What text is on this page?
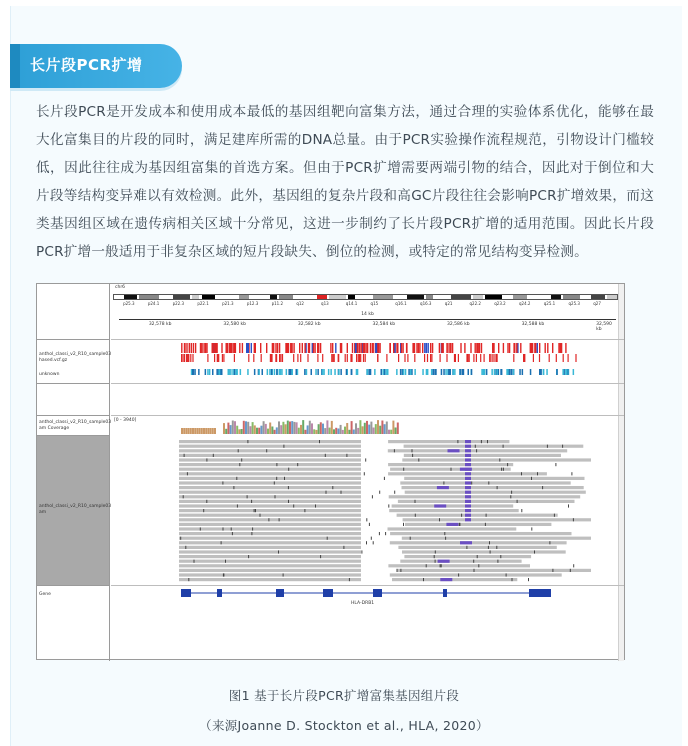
长片段PCR扩增

长片段PCR是开发成本和使用成本最低的基因组靶向富集方法，通过合理的实验体系优化，能够在最大化富集目的片段的同时，满足建库所需的DNA总量。由于PCR实验操作流程规范，引物设计门槛较低，因此往往成为基因组富集的首选方案。但由于PCR扩增需要两端引物的结合，因此对于倒位和大片段等结构变异难以有效检测。此外，基因组的复杂片段和高GC片段往往会影响PCR扩增效果，而这类基因组区域在遗传病相关区域十分常见，这进一步制约了长片段PCR扩增的适用范围。因此长片段PCR扩增一般适用于非复杂区域的短片段缺失、倒位的检测，或特定的常见结构变异检测。

chr6
p25.3	p24.1	p22.3	p22.1	p21.3	p12.3	p11.2	q12	q13	q14.1	q15	q16.1	q16.3	q21	q22.2	q23.2	q24.2	q25.1	q25.3	q27
14 kb
32,578 kb	32,580 kb	32,582 kb	32,584 kb	32,586 kb	32,588 kb	32,590 kb
anthol_classi_v2_R10_sample03 hased.vcf.gz
unknown
anthol_classi_v2_R10_sample03 am Coverage
anthol_classi_v2_R10_sample03 am
[0 - 3940]
Gene
HLA-DRB1
图1 基于长片段PCR扩增富集基因组片段
（来源Joanne D. Stockton et al., HLA, 2020）
